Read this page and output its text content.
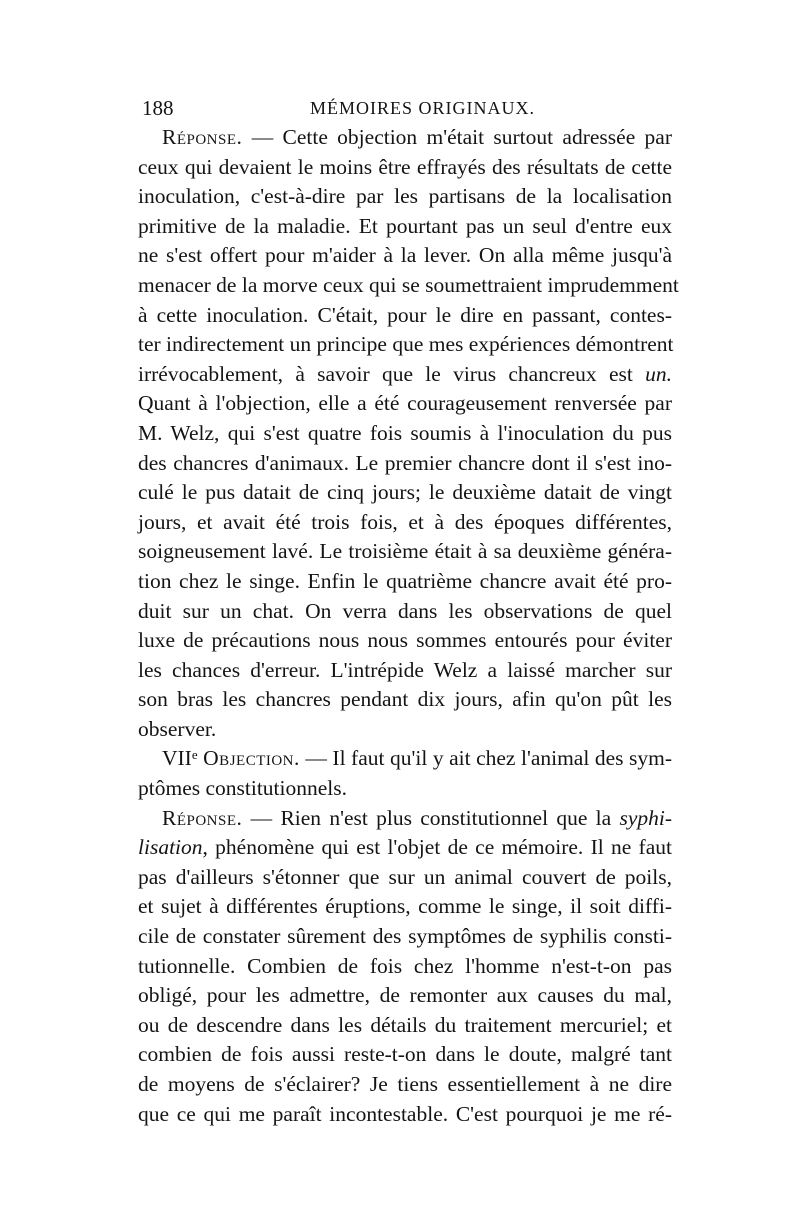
188	MÉMOIRES ORIGINAUX.
Réponse. — Cette objection m'était surtout adressée par
ceux qui devaient le moins être effrayés des résultats de cette
inoculation, c'est-à-dire par les partisans de la localisation
primitive de la maladie. Et pourtant pas un seul d'entre eux
ne s'est offert pour m'aider à la lever. On alla même jusqu'à
menacer de la morve ceux qui se soumettraient imprudemment
à cette inoculation. C'était, pour le dire en passant, contes-
ter indirectement un principe que mes expériences démontrent
irrévocablement, à savoir que le virus chancreux est un.
Quant à l'objection, elle a été courageusement renversée par
M. Welz, qui s'est quatre fois soumis à l'inoculation du pus
des chancres d'animaux. Le premier chancre dont il s'est ino-
culé le pus datait de cinq jours; le deuxième datait de vingt
jours, et avait été trois fois, et à des époques différentes,
soigneusement lavé. Le troisième était à sa deuxième généra-
tion chez le singe. Enfin le quatrième chancre avait été pro-
duit sur un chat. On verra dans les observations de quel
luxe de précautions nous nous sommes entourés pour éviter
les chances d'erreur. L'intrépide Welz a laissé marcher sur
son bras les chancres pendant dix jours, afin qu'on pût les
observer.
VIIe Objection. — Il faut qu'il y ait chez l'animal des sym-
ptômes constitutionnels.
Réponse. — Rien n'est plus constitutionnel que la syphi-
lisation, phénomène qui est l'objet de ce mémoire. Il ne faut
pas d'ailleurs s'étonner que sur un animal couvert de poils,
et sujet à différentes éruptions, comme le singe, il soit diffi-
cile de constater sûrement des symptômes de syphilis consti-
tutionnelle. Combien de fois chez l'homme n'est-t-on pas
obligé, pour les admettre, de remonter aux causes du mal,
ou de descendre dans les détails du traitement mercuriel; et
combien de fois aussi reste-t-on dans le doute, malgré tant
de moyens de s'éclairer? Je tiens essentiellement à ne dire
que ce qui me paraît incontestable. C'est pourquoi je me ré-
